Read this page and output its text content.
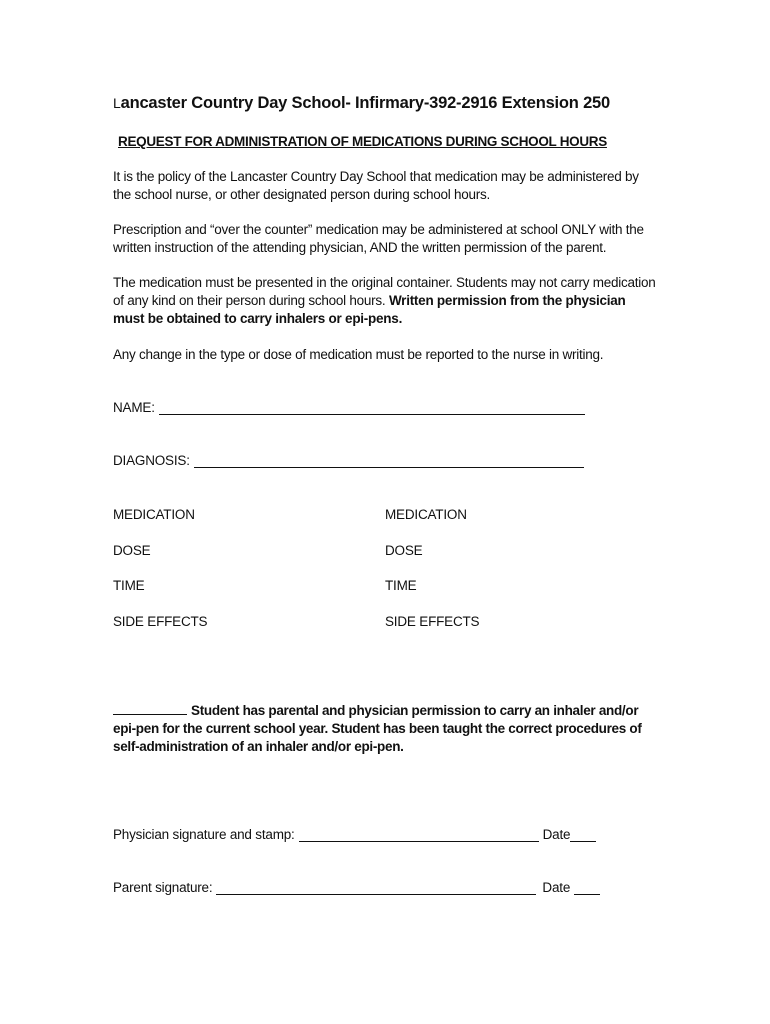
Lancaster Country Day School- Infirmary-392-2916 Extension 250
REQUEST FOR ADMINISTRATION OF MEDICATIONS DURING SCHOOL HOURS
It is the policy of the Lancaster Country Day School that medication may be administered by the school nurse, or other designated person during school hours.
Prescription and “over the counter” medication may be administered at school ONLY with the written instruction of the attending physician, AND the written permission of the parent.
The medication must be presented in the original container. Students may not carry medication of any kind on their person during school hours. Written permission from the physician must be obtained to carry inhalers or epi-pens.
Any change in the type or dose of medication must be reported to the nurse in writing.
NAME:
DIAGNOSIS:
MEDICATION
DOSE
TIME
SIDE EFFECTS
MEDICATION
DOSE
TIME
SIDE EFFECTS
Student has parental and physician permission to carry an inhaler and/or epi-pen for the current school year. Student has been taught the correct procedures of self-administration of an inhaler and/or epi-pen.
Physician signature and stamp:	Date
Parent signature:	Date
